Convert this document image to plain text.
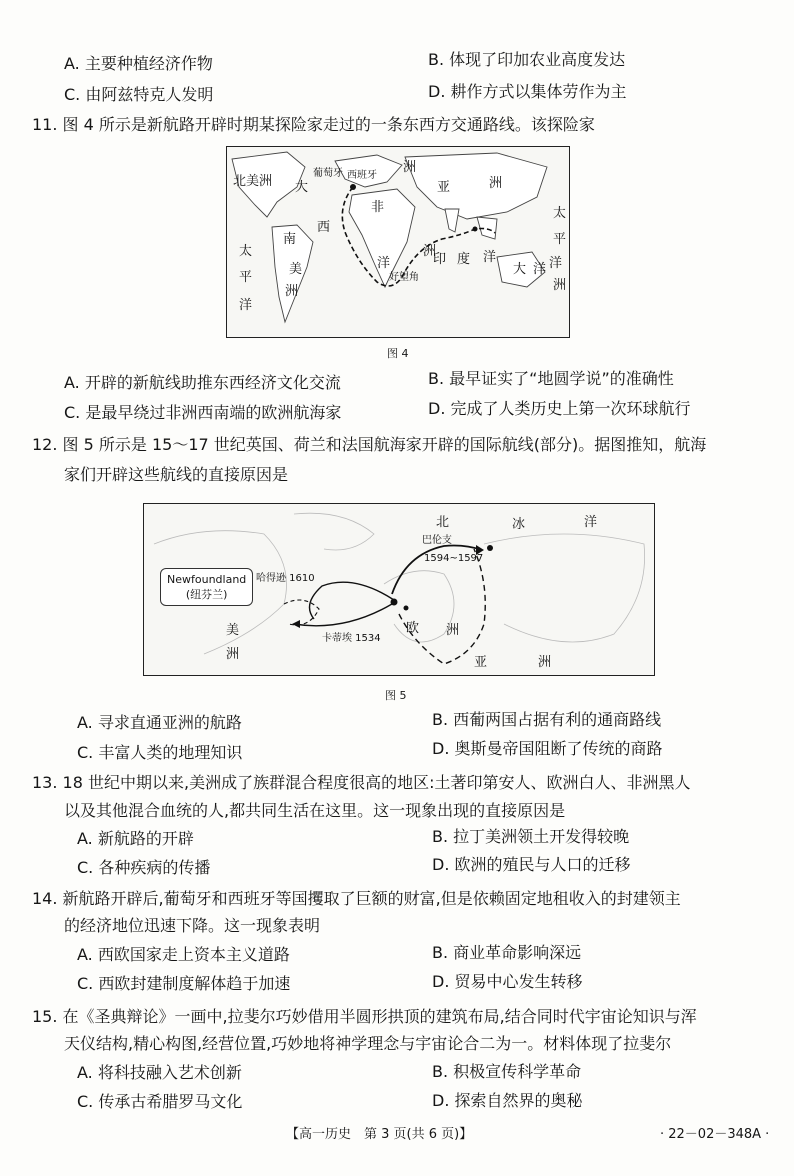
A. 主要种植经济作物	B. 体现了印加农业高度发达
C. 由阿兹特克人发明	D. 耕作方式以集体劳作为主
11. 图 4 所示是新航路开辟时期某探险家走过的一条东西方交通路线。该探险家
北美洲
葡萄牙 西班牙
洲
大	亚	洲
非
西
南
美
洲
洲
洋
好望角
印 度 洋
太
平
洋
太
平
洋
大 洋
洲
图 4
A. 开辟的新航线助推东西经济文化交流	B. 最早证实了“地圆学说”的准确性
C. 是最早绕过非洲西南端的欧洲航海家	D. 完成了人类历史上第一次环球航行
12. 图 5 所示是 15～17 世纪英国、荷兰和法国航海家开辟的国际航线(部分)。据图推知，航海
家们开辟这些航线的直接原因是
北	冰	洋
巴伦支
1594~1597
哈得逊 1610
Newfoundland
(纽芬兰)
卡蒂埃 1534
美
洲
欧 洲
亚	洲
图 5
A. 寻求直通亚洲的航路	B. 西葡两国占据有利的通商路线
C. 丰富人类的地理知识	D. 奥斯曼帝国阻断了传统的商路
13. 18 世纪中期以来,美洲成了族群混合程度很高的地区:土著印第安人、欧洲白人、非洲黑人
以及其他混合血统的人,都共同生活在这里。这一现象出现的直接原因是
A. 新航路的开辟	B. 拉丁美洲领土开发得较晚
C. 各种疾病的传播	D. 欧洲的殖民与人口的迁移
14. 新航路开辟后,葡萄牙和西班牙等国攫取了巨额的财富,但是依赖固定地租收入的封建领主
的经济地位迅速下降。这一现象表明
A. 西欧国家走上资本主义道路	B. 商业革命影响深远
C. 西欧封建制度解体趋于加速	D. 贸易中心发生转移
15. 在《圣典辩论》一画中,拉斐尔巧妙借用半圆形拱顶的建筑布局,结合同时代宇宙论知识与浑
天仪结构,精心构图,经营位置,巧妙地将神学理念与宇宙论合二为一。材料体现了拉斐尔
A. 将科技融入艺术创新	B. 积极宣传科学革命
C. 传承古希腊罗马文化	D. 探索自然界的奥秘
【高一历史　第 3 页(共 6 页)】	· 22－02－348A ·
